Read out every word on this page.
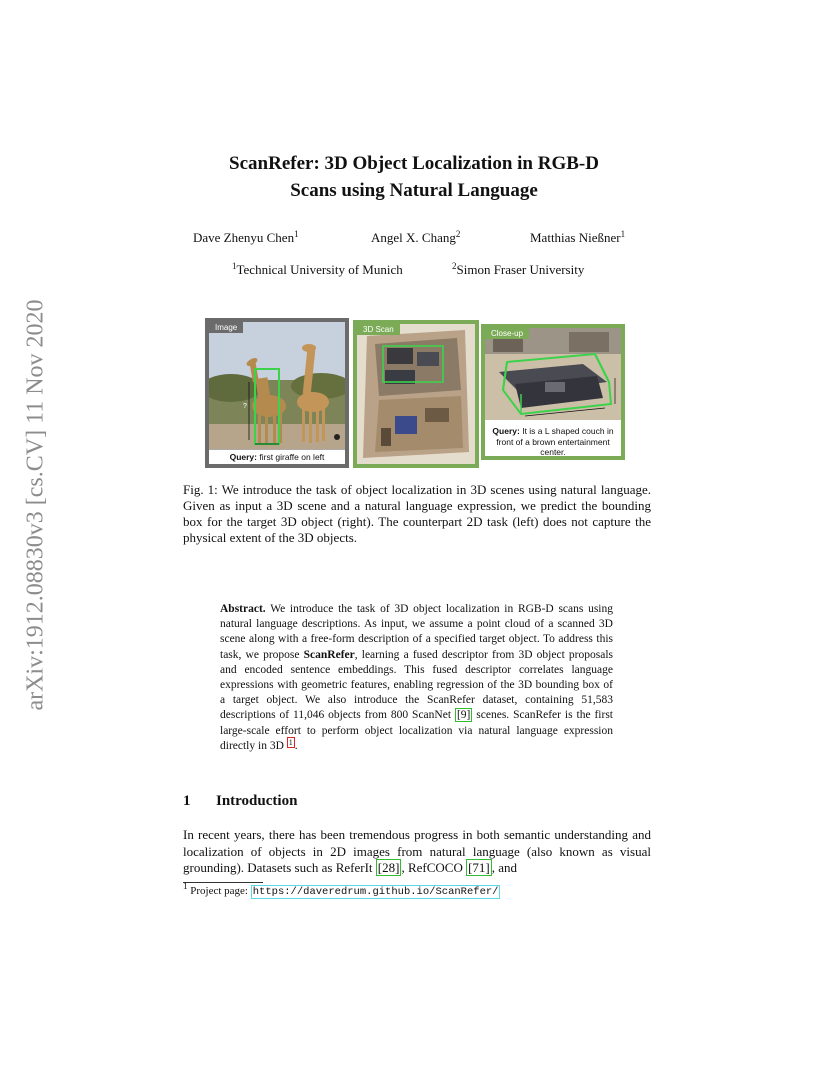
arXiv:1912.08830v3 [cs.CV] 11 Nov 2020
ScanRefer: 3D Object Localization in RGB-D
Scans using Natural Language
Dave Zhenyu Chen$^1$	Angel X. Chang$^2$	Matthias Nießner$^1$
$^1$Technical University of Munich	$^2$Simon Fraser University
?
Image
Query: first giraffe on left
3D Scan	Close-up
Query: It is a L shaped couch in front of a brown entertainment center.
Fig. 1: We introduce the task of object localization in 3D scenes using natural language. Given as input a 3D scene and a natural language expression, we predict the bounding box for the target 3D object (right). The counterpart 2D task (left) does not capture the physical extent of the 3D objects.
Abstract. We introduce the task of 3D object localization in RGB-D scans using natural language descriptions. As input, we assume a point cloud of a scanned 3D scene along with a free-form description of a specified target object. To address this task, we propose ScanRefer, learning a fused descriptor from 3D object proposals and encoded sentence embeddings. This fused descriptor correlates language expressions with geometric features, enabling regression of the 3D bounding box of a target object. We also introduce the ScanRefer dataset, containing 51,583 descriptions of 11,046 objects from 800 ScanNet [9] scenes. ScanRefer is the first large-scale effort to perform object localization via natural language expression directly in 3D $^1$ .
1 Introduction
In recent years, there has been tremendous progress in both semantic understanding and localization of objects in 2D images from natural language (also known as visual grounding). Datasets such as ReferIt [28] , RefCOCO [71] , and
$^1$ Project page: https://daveredrum.github.io/ScanRefer/
